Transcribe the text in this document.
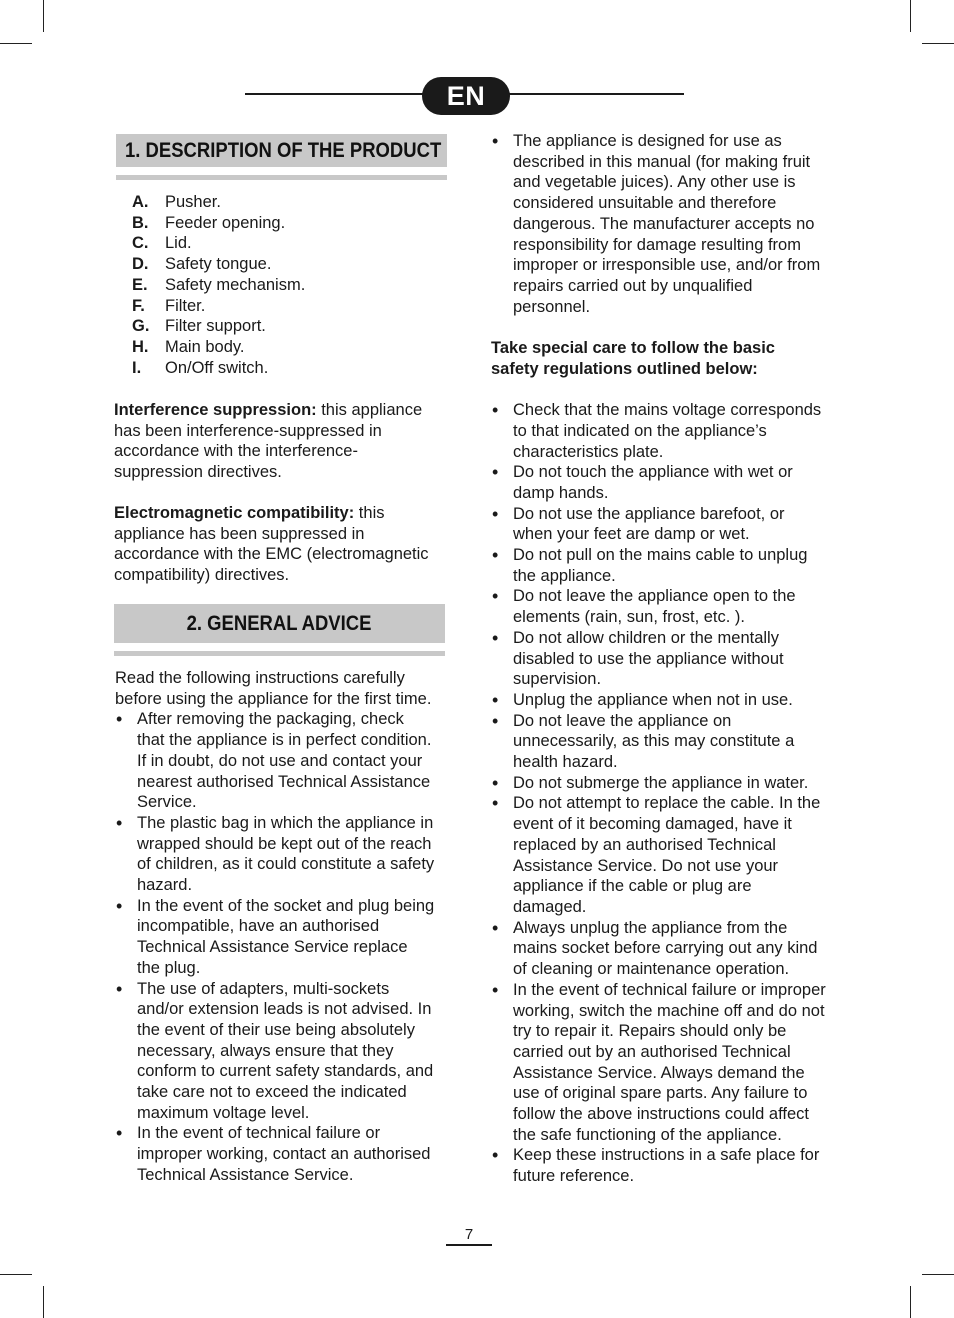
EN
1. DESCRIPTION OF THE PRODUCT
A.	Pusher.
B.	Feeder opening.
C.	Lid.
D.	Safety tongue.
E.	Safety mechanism.
F.	Filter.
G. Filter support.
H.	Main body.
I.	On/Off switch.

Interference suppression: this appliance has been interference-suppressed in accordance with the interference-suppression directives.

Electromagnetic compatibility: this appliance has been suppressed in accordance with the EMC (electromagnetic compatibility) directives.

2. GENERAL ADVICE

Read the following instructions carefully before using the appliance for the first time.

• After removing the packaging, check that the appliance is in perfect condition. If in doubt, do not use and contact your nearest authorised Technical Assistance Service.
• The plastic bag in which the appliance in wrapped should be kept out of the reach of children, as it could constitute a safety hazard.
• In the event of the socket and plug being incompatible, have an authorised Technical Assistance Service replace the plug.
• The use of adapters, multi-sockets and/or extension leads is not advised. In the event of their use being absolutely necessary, always ensure that they conform to current safety standards, and take care not to exceed the indicated maximum voltage level.
• In the event of technical failure or improper working, contact an authorised Technical Assistance Service.
• The appliance is designed for use as described in this manual (for making fruit and vegetable juices). Any other use is considered unsuitable and therefore dangerous. The manufacturer accepts no responsibility for damage resulting from improper or irresponsible use, and/or from repairs carried out by unqualified personnel.

Take special care to follow the basic safety regulations outlined below:

• Check that the mains voltage corresponds to that indicated on the appliance’s characteristics plate.
• Do not touch the appliance with wet or damp hands.
• Do not use the appliance barefoot, or when your feet are damp or wet.
• Do not pull on the mains cable to unplug the appliance.
• Do not leave the appliance open to the elements (rain, sun, frost, etc. ).
• Do not allow children or the mentally disabled to use the appliance without supervision.
• Unplug the appliance when not in use.
• Do not leave the appliance on unnecessarily, as this may constitute a health hazard.
• Do not submerge the appliance in water.
• Do not attempt to replace the cable. In the event of it becoming damaged, have it replaced by an authorised Technical Assistance Service. Do not use your appliance if the cable or plug are damaged.
• Always unplug the appliance from the mains socket before carrying out any kind of cleaning or maintenance operation.
• In the event of technical failure or improper working, switch the machine off and do not try to repair it. Repairs should only be carried out by an authorised Technical Assistance Service. Always demand the use of original spare parts. Any failure to follow the above instructions could affect the safe functioning of the appliance.
• Keep these instructions in a safe place for future reference.
7
